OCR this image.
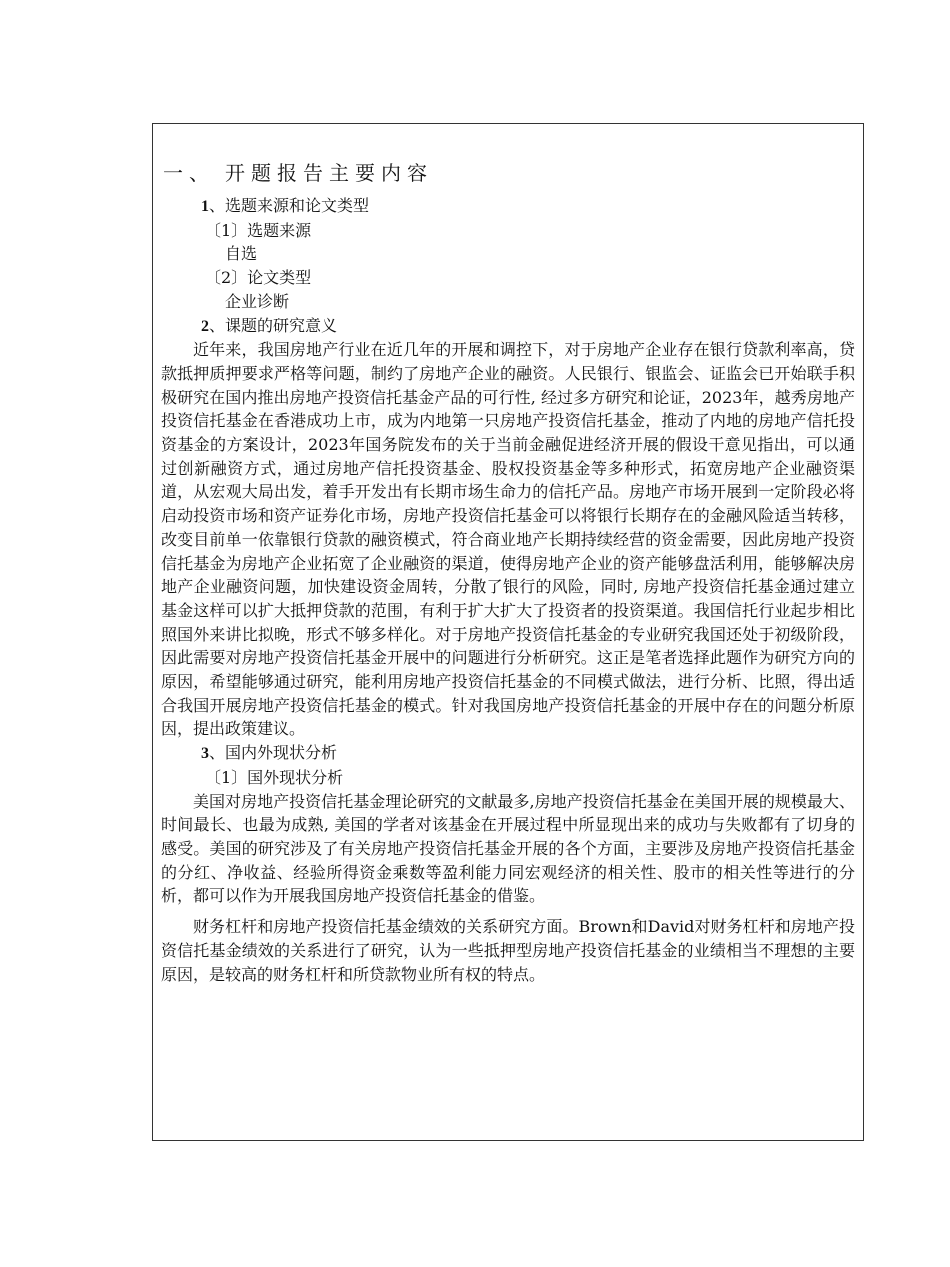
一、 开题报告主要内容
1、选题来源和论文类型
〔1〕选题来源
自选
〔2〕论文类型
企业诊断
2、课题的研究意义

近年来，我国房地产行业在近几年的开展和调控下，对于房地产企业存在银行贷款利率高，贷款抵押质押要求严格等问题，制约了房地产企业的融资。人民银行、银监会、证监会已开始联手积极研究在国内推出房地产投资信托基金产品的可行性, 经过多方研究和论证，2023年，越秀房地产投资信托基金在香港成功上市，成为内地第一只房地产投资信托基金，推动了内地的房地产信托投资基金的方案设计，2023年国务院发布的关于当前金融促进经济开展的假设干意见指出，可以通过创新融资方式，通过房地产信托投资基金、股权投资基金等多种形式，拓宽房地产企业融资渠道，从宏观大局出发，着手开发出有长期市场生命力的信托产品。房地产市场开展到一定阶段必将启动投资市场和资产证券化市场，房地产投资信托基金可以将银行长期存在的金融风险适当转移，改变目前单一依靠银行贷款的融资模式，符合商业地产长期持续经营的资金需要，因此房地产投资信托基金为房地产企业拓宽了企业融资的渠道，使得房地产企业的资产能够盘活利用，能够解决房地产企业融资问题，加快建设资金周转，分散了银行的风险，同时, 房地产投资信托基金通过建立基金这样可以扩大抵押贷款的范围，有利于扩大扩大了投资者的投资渠道。我国信托行业起步相比照国外来讲比拟晚，形式不够多样化。对于房地产投资信托基金的专业研究我国还处于初级阶段，因此需要对房地产投资信托基金开展中的问题进行分析研究。这正是笔者选择此题作为研究方向的原因，希望能够通过研究，能利用房地产投资信托基金的不同模式做法，进行分析、比照，得出适合我国开展房地产投资信托基金的模式。针对我国房地产投资信托基金的开展中存在的问题分析原因，提出政策建议。

3、国内外现状分析
〔1〕国外现状分析

美国对房地产投资信托基金理论研究的文献最多,房地产投资信托基金在美国开展的规模最大、时间最长、也最为成熟, 美国的学者对该基金在开展过程中所显现出来的成功与失败都有了切身的感受。美国的研究涉及了有关房地产投资信托基金开展的各个方面，主要涉及房地产投资信托基金的分红、净收益、经验所得资金乘数等盈利能力同宏观经济的相关性、股市的相关性等进行的分析，都可以作为开展我国房地产投资信托基金的借鉴。

财务杠杆和房地产投资信托基金绩效的关系研究方面。Brown和David对财务杠杆和房地产投资信托基金绩效的关系进行了研究，认为一些抵押型房地产投资信托基金的业绩相当不理想的主要原因，是较高的财务杠杆和所贷款物业所有权的特点。
